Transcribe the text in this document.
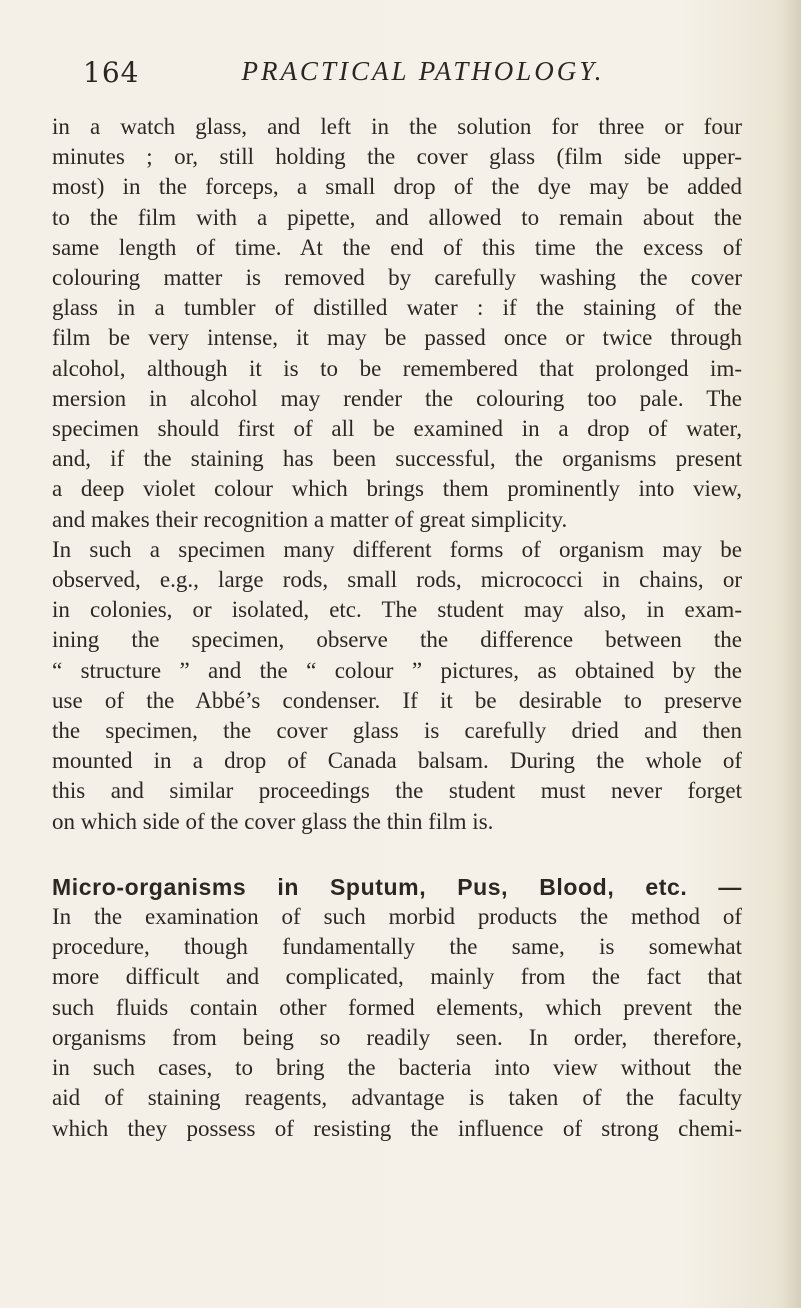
164	PRACTICAL PATHOLOGY.
in a watch glass, and left in the solution for three or four
minutes ; or, still holding the cover glass (film side upper-
most) in the forceps, a small drop of the dye may be added
to the film with a pipette, and allowed to remain about the
same length of time. At the end of this time the excess of
colouring matter is removed by carefully washing the cover
glass in a tumbler of distilled water : if the staining of the
film be very intense, it may be passed once or twice through
alcohol, although it is to be remembered that prolonged im-
mersion in alcohol may render the colouring too pale. The
specimen should first of all be examined in a drop of water,
and, if the staining has been successful, the organisms present
a deep violet colour which brings them prominently into view,
and makes their recognition a matter of great simplicity.
In such a specimen many different forms of organism may be
observed, e.g., large rods, small rods, micrococci in chains, or
in colonies, or isolated, etc. The student may also, in exam-
ining the specimen, observe the difference between the
“ structure ” and the “ colour ” pictures, as obtained by the
use of the Abbé’s condenser. If it be desirable to preserve
the specimen, the cover glass is carefully dried and then
mounted in a drop of Canada balsam. During the whole of
this and similar proceedings the student must never forget
on which side of the cover glass the thin film is.
Micro-organisms in Sputum, Pus, Blood, etc. —
In the examination of such morbid products the method of
procedure, though fundamentally the same, is somewhat
more difficult and complicated, mainly from the fact that
such fluids contain other formed elements, which prevent the
organisms from being so readily seen. In order, therefore,
in such cases, to bring the bacteria into view without the
aid of staining reagents, advantage is taken of the faculty
which they possess of resisting the influence of strong chemi-
